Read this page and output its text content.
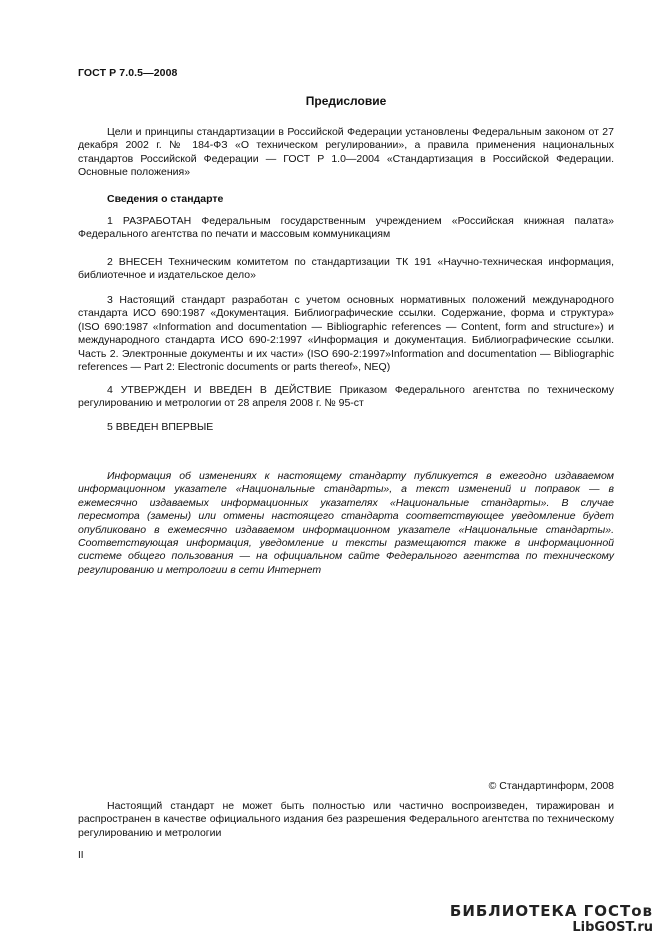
ГОСТ Р 7.0.5—2008
Предисловие

Цели и принципы стандартизации в Российской Федерации установлены Федеральным законом от 27 декабря 2002 г. № 184-ФЗ «О техническом регулировании», а правила применения национальных стандартов Российской Федерации — ГОСТ Р 1.0—2004 «Стандартизация в Российской Федерации. Основные положения»

Сведения о стандарте

1 РАЗРАБОТАН Федеральным государственным учреждением «Российская книжная палата» Федерального агентства по печати и массовым коммуникациям

2 ВНЕСЕН Техническим комитетом по стандартизации ТК 191 «Научно-техническая информация, библиотечное и издательское дело»

3 Настоящий стандарт разработан с учетом основных нормативных положений международного стандарта ИСО 690:1987 «Документация. Библиографические ссылки. Содержание, форма и структура» (ISO 690:1987 «Information and documentation — Bibliographic references — Content, form and structure») и международного стандарта ИСО 690-2:1997 «Информация и документация. Библиографические ссылки. Часть 2. Электронные документы и их части» (ISO 690-2:1997»Information and documentation — Bibliographic references — Part 2: Electronic documents or parts thereof», NEQ)

4 УТВЕРЖДЕН И ВВЕДЕН В ДЕЙСТВИЕ Приказом Федерального агентства по техническому регулированию и метрологии от 28 апреля 2008 г. № 95-ст

5 ВВЕДЕН ВПЕРВЫЕ

Информация об изменениях к настоящему стандарту публикуется в ежегодно издаваемом информационном указателе «Национальные стандарты», а текст изменений и поправок — в ежемесячно издаваемых информационных указателях «Национальные стандарты». В случае пересмотра (замены) или отмены настоящего стандарта соответствующее уведомление будет опубликовано в ежемесячно издаваемом информационном указателе «Национальные стандарты». Соответствующая информация, уведомление и тексты размещаются также в информационной системе общего пользования — на официальном сайте Федерального агентства по техническому регулированию и метрологии в сети Интернет

© Стандартинформ, 2008

Настоящий стандарт не может быть полностью или частично воспроизведен, тиражирован и распространен в качестве официального издания без разрешения Федерального агентства по техническому регулированию и метрологии

II
БИБЛИОТЕКА ГОСТов
LibGOST.ru
